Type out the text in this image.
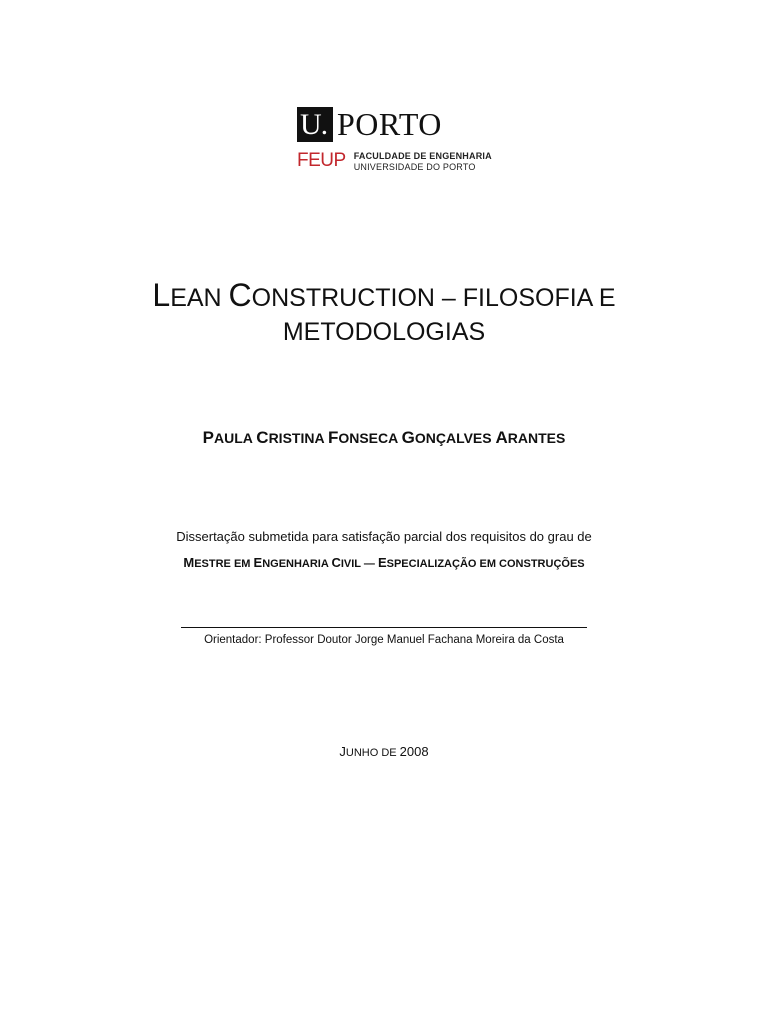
U. PORTO
FEUP FACULDADE DE ENGENHARIA
UNIVERSIDADE DO PORTO
LEAN CONSTRUCTION – FILOSOFIA E
METODOLOGIAS
PAULA CRISTINA FONSECA GONÇALVES ARANTES
Dissertação submetida para satisfação parcial dos requisitos do grau de
MESTRE EM ENGENHARIA CIVIL — ESPECIALIZAÇÃO EM CONSTRUÇÕES
Orientador: Professor Doutor Jorge Manuel Fachana Moreira da Costa
JUNHO DE 2008
